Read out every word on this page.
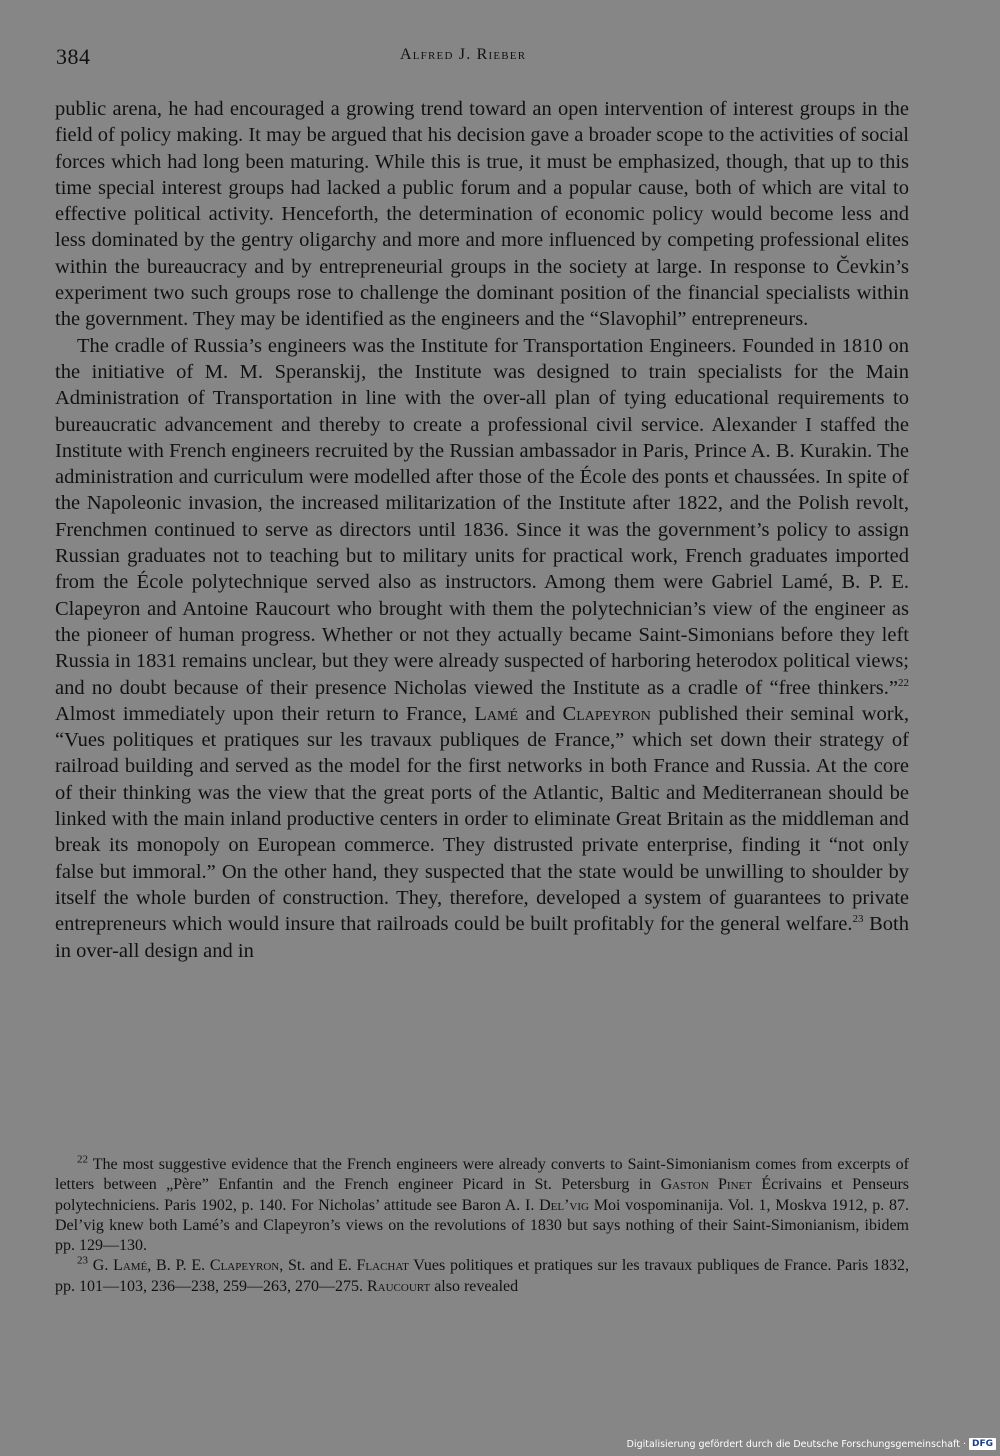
384	Alfred J. Rieber

public arena, he had encouraged a growing trend toward an open intervention of interest groups in the field of policy making. It may be argued that his decision gave a broader scope to the activities of social forces which had long been maturing. While this is true, it must be emphasized, though, that up to this time special interest groups had lacked a public forum and a popular cause, both of which are vital to effective political activity. Henceforth, the determination of economic policy would become less and less dominated by the gentry oligarchy and more and more influenced by competing professional elites within the bureaucracy and by entrepreneurial groups in the society at large. In response to Čevkin’s experiment two such groups rose to challenge the dominant position of the financial specialists within the government. They may be identified as the engineers and the “Slavophil” entrepreneurs.

The cradle of Russia’s engineers was the Institute for Transportation Engineers. Founded in 1810 on the initiative of M. M. Speranskij, the Institute was designed to train specialists for the Main Administration of Transportation in line with the over-all plan of tying educational requirements to bureaucratic advancement and thereby to create a professional civil service. Alexander I staffed the Institute with French engineers recruited by the Russian ambassador in Paris, Prince A. B. Kurakin. The administration and curriculum were modelled after those of the École des ponts et chaussées. In spite of the Napoleonic invasion, the increased militarization of the Institute after 1822, and the Polish revolt, Frenchmen continued to serve as directors until 1836. Since it was the government’s policy to assign Russian graduates not to teaching but to military units for practical work, French graduates imported from the École polytechnique served also as instructors. Among them were Gabriel Lamé, B. P. E. Clapeyron and Antoine Raucourt who brought with them the polytechnician’s view of the engineer as the pioneer of human progress. Whether or not they actually became Saint-Simonians before they left Russia in 1831 remains unclear, but they were already suspected of harboring heterodox political views; and no doubt because of their presence Nicholas viewed the Institute as a cradle of “free thinkers.”$^{22}$ Almost immediately upon their return to France, Lamé and Clapeyron published their seminal work, “Vues politiques et pratiques sur les travaux publiques de France,” which set down their strategy of railroad building and served as the model for the first networks in both France and Russia. At the core of their thinking was the view that the great ports of the Atlantic, Baltic and Mediterranean should be linked with the main inland productive centers in order to eliminate Great Britain as the middleman and break its monopoly on European commerce. They distrusted private enterprise, finding it “not only false but immoral.” On the other hand, they suspected that the state would be unwilling to shoulder by itself the whole burden of construction. They, therefore, developed a system of guarantees to private entrepreneurs which would insure that railroads could be built profitably for the general welfare.$^{23}$ Both in over-all design and in

$^{22}$ The most suggestive evidence that the French engineers were already converts to Saint-Simonianism comes from excerpts of letters between „Père” Enfantin and the French engineer Picard in St. Petersburg in Gaston Pinet Écrivains et Penseurs polytechniciens. Paris 1902, p. 140. For Nicholas’ attitude see Baron A. I. Del’vig Moi vospominanija. Vol. 1, Moskva 1912, p. 87. Del’vig knew both Lamé’s and Clapeyron’s views on the revolutions of 1830 but says nothing of their Saint-Simonianism, ibidem pp. 129—130.

$^{23}$ G. Lamé, B. P. E. Clapeyron, St. and E. Flachat Vues politiques et pratiques sur les travaux publiques de France. Paris 1832, pp. 101—103, 236—238, 259—263, 270—275. Raucourt also revealed

Digitalisierung gefördert durch die Deutsche Forschungsgemeinschaft · DFG
